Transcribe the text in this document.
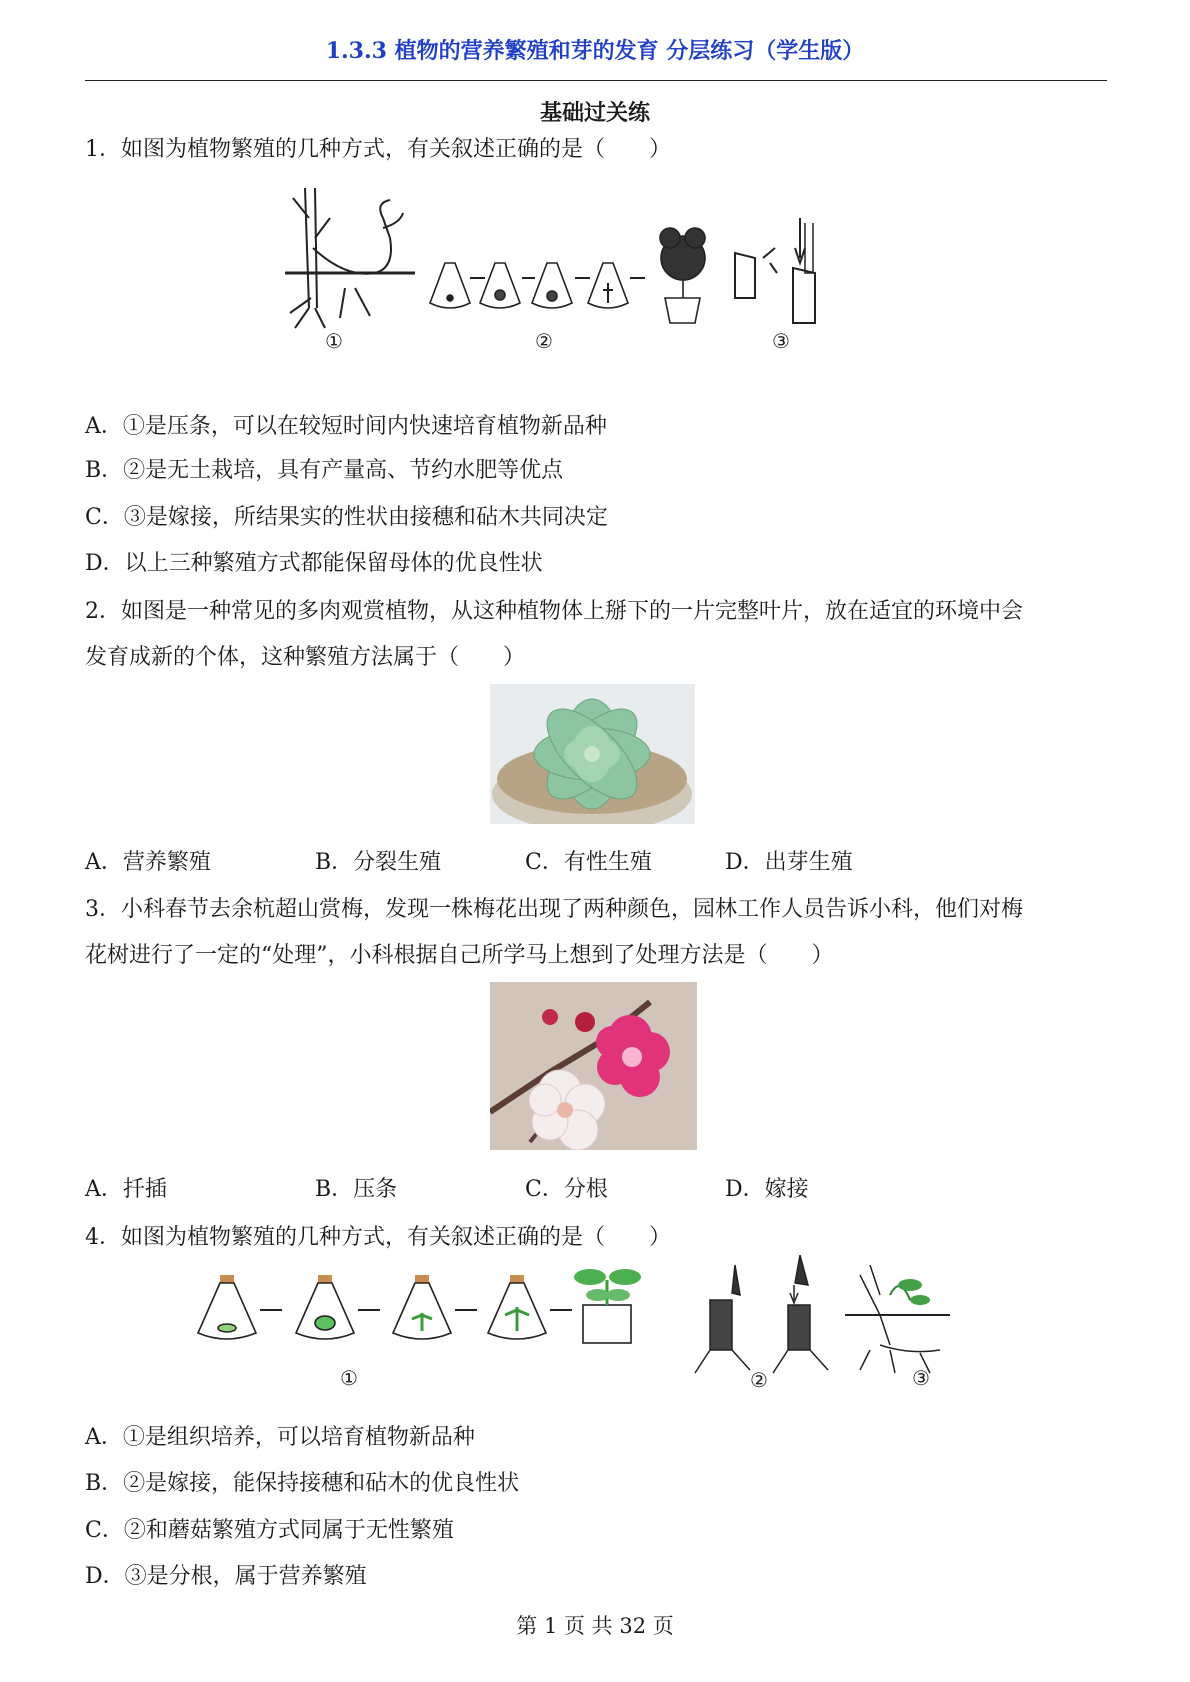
1.3.3 植物的营养繁殖和芽的发育 分层练习（学生版）
基础过关练
1．如图为植物繁殖的几种方式，有关叙述正确的是（　　）
①	②	③
A．①是压条，可以在较短时间内快速培育植物新品种
B．②是无土栽培，具有产量高、节约水肥等优点
C．③是嫁接，所结果实的性状由接穗和砧木共同决定
D．以上三种繁殖方式都能保留母体的优良性状
2．如图是一种常见的多肉观赏植物，从这种植物体上掰下的一片完整叶片，放在适宜的环境中会
发育成新的个体，这种繁殖方法属于（　　）
A．营养繁殖	B．分裂生殖	C．有性生殖	D．出芽生殖
3．小科春节去余杭超山赏梅，发现一株梅花出现了两种颜色，园林工作人员告诉小科，他们对梅
花树进行了一定的“处理”，小科根据自己所学马上想到了处理方法是（　　）
A．扦插	B．压条	C．分根	D．嫁接
4．如图为植物繁殖的几种方式，有关叙述正确的是（　　）
①	②	③
A．①是组织培养，可以培育植物新品种
B．②是嫁接，能保持接穗和砧木的优良性状
C．②和蘑菇繁殖方式同属于无性繁殖
D．③是分根，属于营养繁殖
第 1 页 共 32 页
